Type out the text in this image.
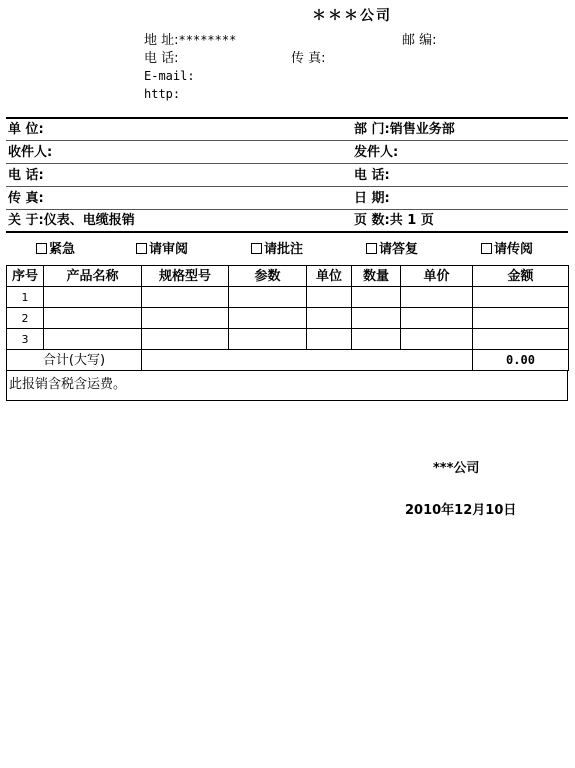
＊＊＊公司
地 址:********	邮 编:
电 话:	传 真:
E-mail:
http:
单 位:	部 门:销售业务部
收件人:	发件人:
电 话:	电 话:
传 真:	日 期:
关 于:仪表、电缆报销	页 数:共 1 页
紧急	请审阅	请批注	请答复	请传阅
序号	产品名称	规格型号	参数	单位	数量	单价	金额
1							
2							
3							
合计(大写)							0.00
此报销含税含运费。
***公司
2010年12月10日
